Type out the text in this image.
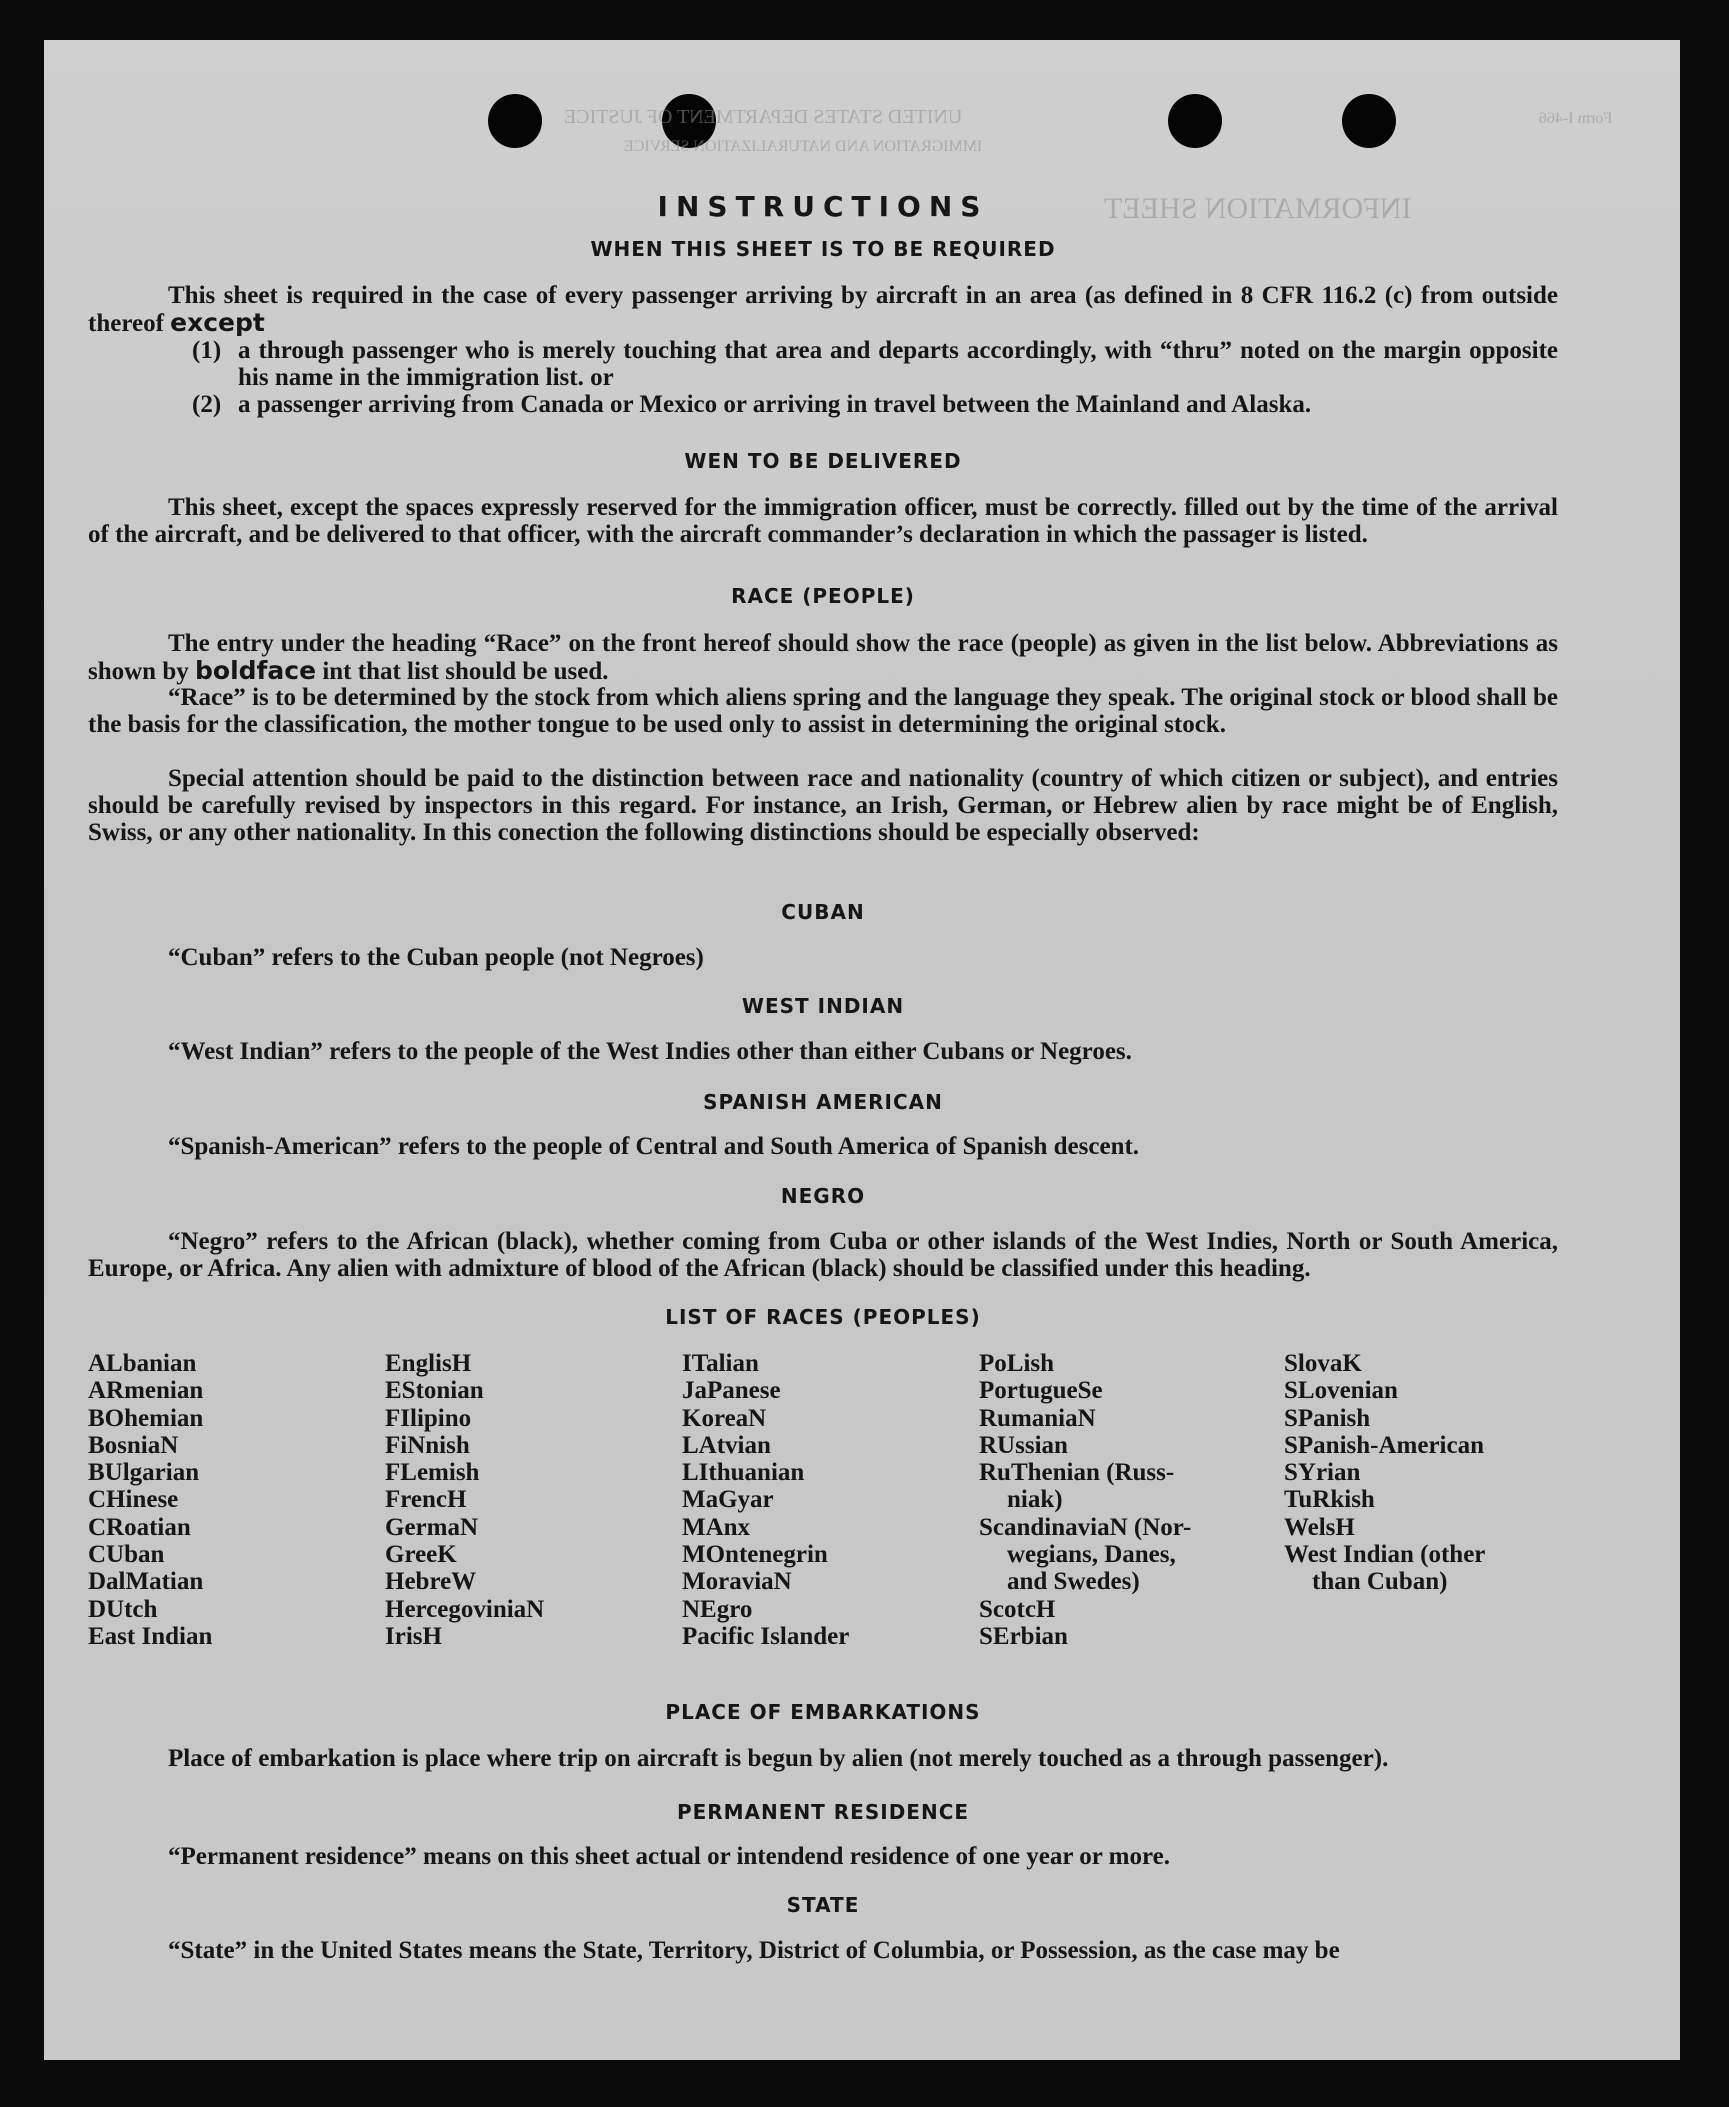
UNITED STATES DEPARTMENT OF JUSTICE	Form I-466
IMMIGRATION AND NATURALIZATION SERVICE
INFORMATION SHEET
INSTRUCTIONS
WHEN THIS SHEET IS TO BE REQUIRED
This sheet is required in the case of every passenger arriving by aircraft in an area (as defined in 8 CFR 116.2 (c) from outside thereof except
(1) a through passenger who is merely touching that area and departs accordingly, with “thru” noted on the margin opposite his name in the immigration list. or
(2) a passenger arriving from Canada or Mexico or arriving in travel between the Mainland and Alaska.
WEN TO BE DELIVERED
This sheet, except the spaces expressly reserved for the immigration officer, must be correctly. filled out by the time of the arrival of the aircraft, and be delivered to that officer, with the aircraft commander’s declaration in which the passager is listed.
RACE (PEOPLE)
The entry under the heading “Race” on the front hereof should show the race (people) as given in the list below. Abbreviations as shown by boldface int that list should be used.
“Race” is to be determined by the stock from which aliens spring and the language they speak. The original stock or blood shall be the basis for the classification, the mother tongue to be used only to assist in determining the original stock.
Special attention should be paid to the distinction between race and nationality (country of which citizen or subject), and entries should be carefully revised by inspectors in this regard. For instance, an Irish, German, or Hebrew alien by race might be of English, Swiss, or any other nationality. In this conection the following distinctions should be especially observed:
CUBAN
“Cuban” refers to the Cuban people (not Negroes)
WEST INDIAN
“West Indian” refers to the people of the West Indies other than either Cubans or Negroes.
SPANISH AMERICAN
“Spanish-American” refers to the people of Central and South America of Spanish descent.
NEGRO
“Negro” refers to the African (black), whether coming from Cuba or other islands of the West Indies, North or South America, Europe, or Africa. Any alien with admixture of blood of the African (black) should be classified under this heading.
LIST OF RACES (PEOPLES)
ALbanian
ARmenian
BOhemian
BosniaN
BUlgarian
CHinese
CRoatian
CUban
DalMatian
DUtch
East Indian
EnglisH
EStonian
FIlipino
FiNnish
FLemish
FrencH
GermaN
GreeK
HebreW
HercegoviniaN
IrisH
ITalian
JaPanese
KoreaN
LAtvian
LIthuanian
MaGyar
MAnx
MOntenegrin
MoraviaN
NEgro
Pacific Islander
PoLish
PortugueSe
RumaniaN
RUssian
RuThenian (Russ-
niak)
ScandinaviaN (Nor-
wegians, Danes,
and Swedes)
ScotcH
SErbian
SlovaK
SLovenian
SPanish
SPanish-American
SYrian
TuRkish
WelsH
West Indian (other
than Cuban)
PLACE OF EMBARKATIONS
Place of embarkation is place where trip on aircraft is begun by alien (not merely touched as a through passenger).
PERMANENT RESIDENCE
“Permanent residence” means on this sheet actual or intendend residence of one year or more.
STATE
“State” in the United States means the State, Territory, District of Columbia, or Possession, as the case may be
